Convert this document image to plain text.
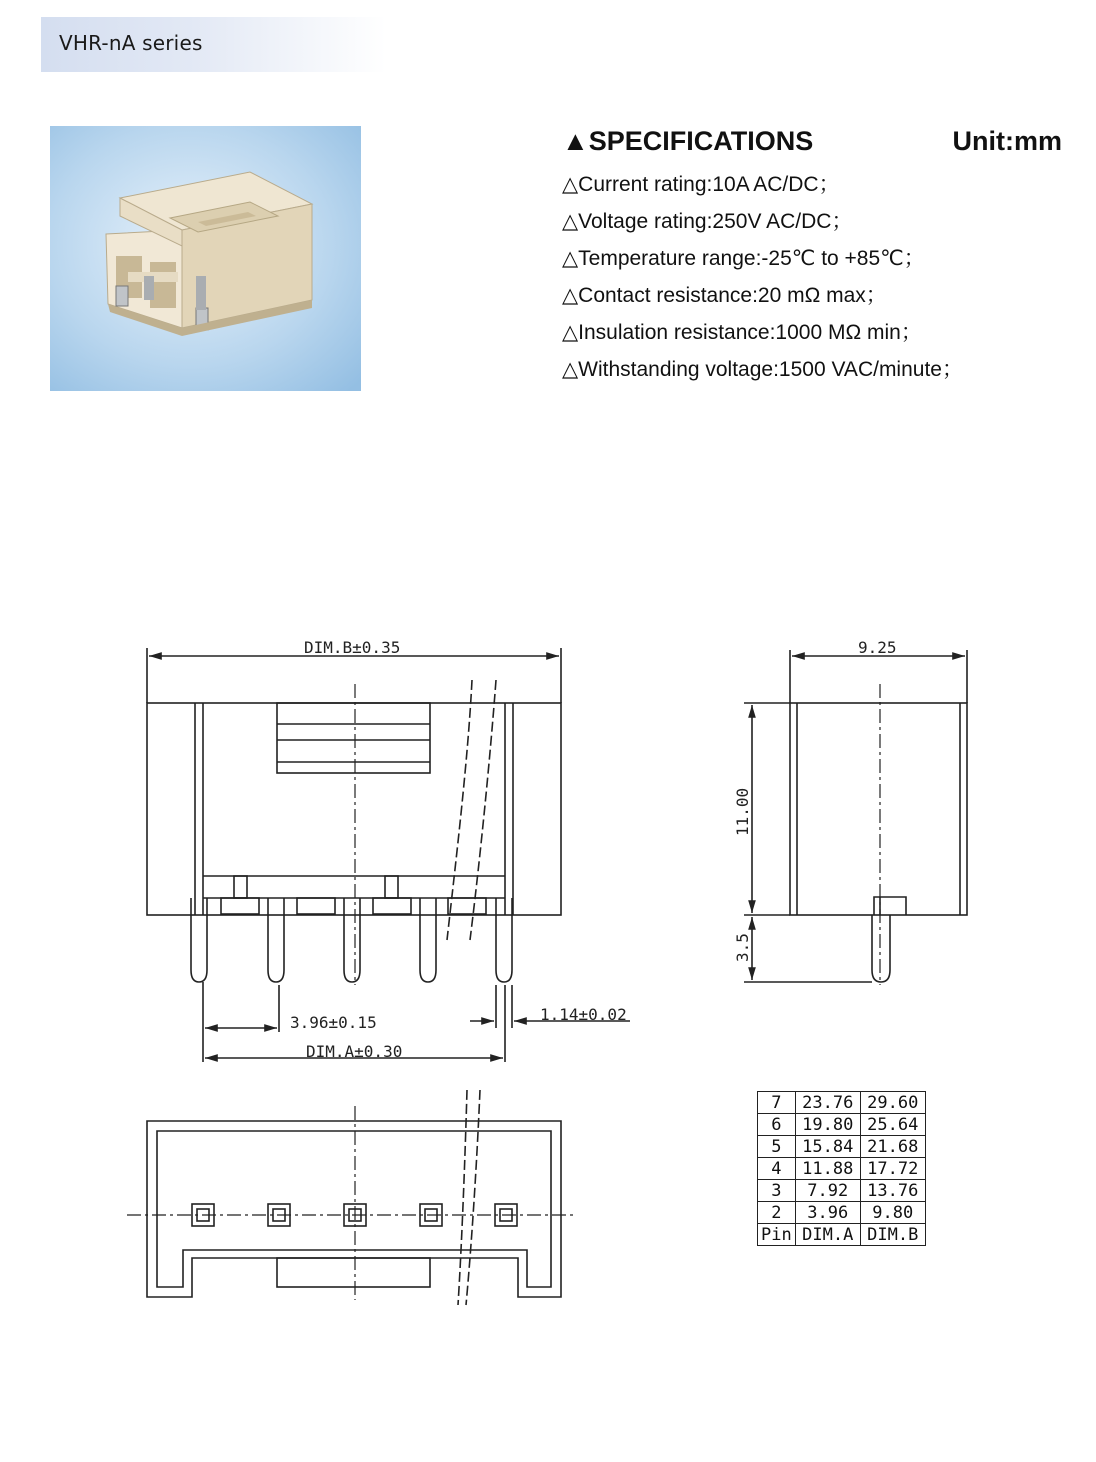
VHR-nA series
▲SPECIFICATIONS	Unit:mm
△Current rating:10A AC/DC；
△Voltage rating:250V AC/DC；
△Temperature range:-25℃ to +85℃；
△Contact resistance:20 mΩ max；
△Insulation resistance:1000 MΩ min；
△Withstanding voltage:1500 VAC/minute；
DIM.B±0.35	9.25
3.96±0.15	1.14±0.02
DIM.A±0.30
11.00
3.5
7	23.76	29.60
6	19.80	25.64
5	15.84	21.68
4	11.88	17.72
3	7.92	13.76
2	3.96	9.80
Pin	DIM.A	DIM.B
